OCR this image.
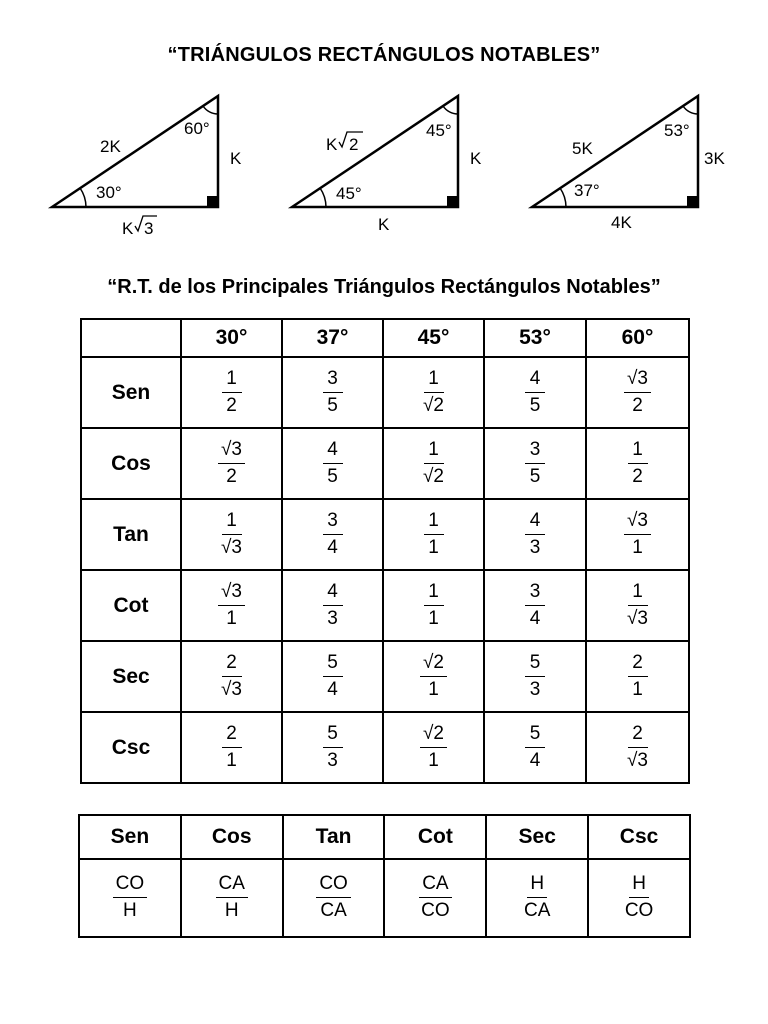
“TRIÁNGULOS RECTÁNGULOS NOTABLES”
2K
60°
K
30°
K 3
K 2
45°
K
45°
K
5K
53°
3K
37°
4K
“R.T. de los Principales Triángulos Rectángulos Notables”
	30°	37°	45°	53°	60°
Sen	$\frac{1}{2}$	$\frac{3}{5}$	$\frac{1}{√2}$	$\frac{4}{5}$	$\frac{√3}{2}$

Cos	$\frac{√3}{2}$	$\frac{4}{5}$	$\frac{1}{√2}$	$\frac{3}{5}$	$\frac{1}{2}$

Tan	$\frac{1}{√3}$	$\frac{3}{4}$	$\frac{1}{1}$	$\frac{4}{3}$	$\frac{√3}{1}$

Cot	$\frac{√3}{1}$	$\frac{4}{3}$	$\frac{1}{1}$	$\frac{3}{4}$	$\frac{1}{√3}$

Sec	$\frac{2}{√3}$	$\frac{5}{4}$	$\frac{√2}{1}$	$\frac{5}{3}$	$\frac{2}{1}$

Csc	$\frac{2}{1}$	$\frac{5}{3}$	$\frac{√2}{1}$	$\frac{5}{4}$	$\frac{2}{√3}$
Sen	Cos	Tan	Cot	Sec	Csc

$\frac{CO}{H}$	$\frac{CA}{H}$	$\frac{CO}{CA}$	$\frac{CA}{CO}$	$\frac{H}{CA}$	$\frac{H}{CO}$
